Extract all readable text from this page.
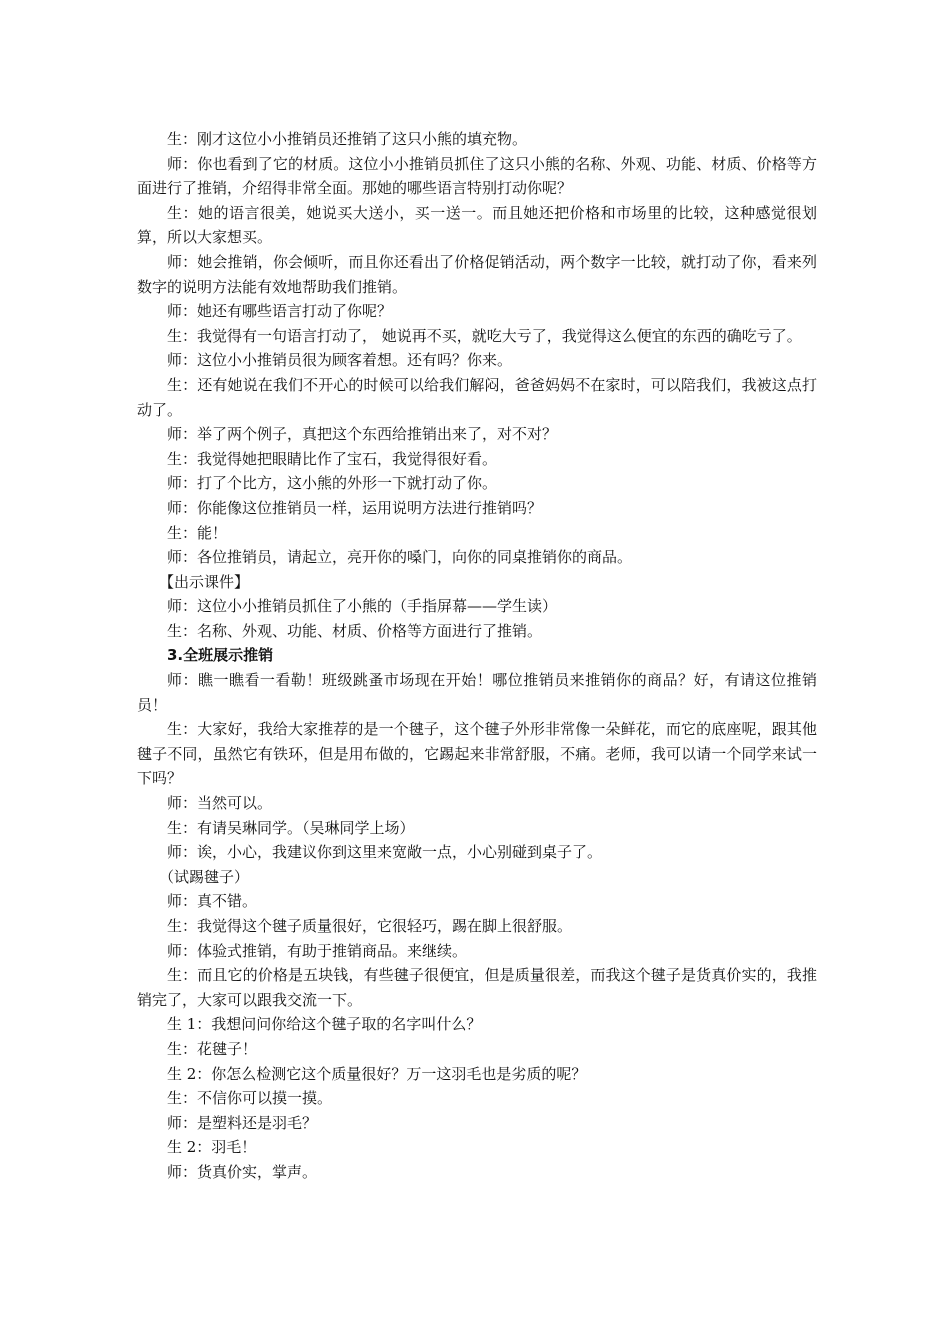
生：刚才这位小小推销员还推销了这只小熊的填充物。

师：你也看到了它的材质。这位小小推销员抓住了这只小熊的名称、外观、功能、材质、价格等方面进行了推销，介绍得非常全面。那她的哪些语言特别打动你呢？

生：她的语言很美，她说买大送小，买一送一。而且她还把价格和市场里的比较，这种感觉很划算，所以大家想买。

师：她会推销，你会倾听，而且你还看出了价格促销活动，两个数字一比较，就打动了你，看来列数字的说明方法能有效地帮助我们推销。

师：她还有哪些语言打动了你呢？

生：我觉得有一句语言打动了， 她说再不买，就吃大亏了，我觉得这么便宜的东西的确吃亏了。

师：这位小小推销员很为顾客着想。还有吗？你来。

生：还有她说在我们不开心的时候可以给我们解闷，爸爸妈妈不在家时，可以陪我们，我被这点打动了。

师：举了两个例子，真把这个东西给推销出来了，对不对？

生：我觉得她把眼睛比作了宝石，我觉得很好看。

师：打了个比方，这小熊的外形一下就打动了你。

师：你能像这位推销员一样，运用说明方法进行推销吗？

生：能！

师：各位推销员，请起立，亮开你的嗓门，向你的同桌推销你的商品。

【出示课件】

师：这位小小推销员抓住了小熊的（手指屏幕——学生读）

生：名称、外观、功能、材质、价格等方面进行了推销。

3.全班展示推销

师：瞧一瞧看一看勒！班级跳蚤市场现在开始！哪位推销员来推销你的商品？好，有请这位推销员！

生：大家好，我给大家推荐的是一个毽子，这个毽子外形非常像一朵鲜花，而它的底座呢，跟其他毽子不同，虽然它有铁环，但是用布做的，它踢起来非常舒服，不痛。老师，我可以请一个同学来试一下吗？

师：当然可以。

生：有请吴琳同学。（吴琳同学上场）

师：诶，小心，我建议你到这里来宽敞一点，小心别碰到桌子了。

（试踢毽子）

师：真不错。

生：我觉得这个毽子质量很好，它很轻巧，踢在脚上很舒服。

师：体验式推销，有助于推销商品。来继续。

生：而且它的价格是五块钱，有些毽子很便宜，但是质量很差，而我这个毽子是货真价实的，我推销完了，大家可以跟我交流一下。

生 1：我想问问你给这个毽子取的名字叫什么？

生：花毽子！

生 2：你怎么检测它这个质量很好？万一这羽毛也是劣质的呢？

生：不信你可以摸一摸。

师：是塑料还是羽毛？

生 2：羽毛！

师：货真价实，掌声。
